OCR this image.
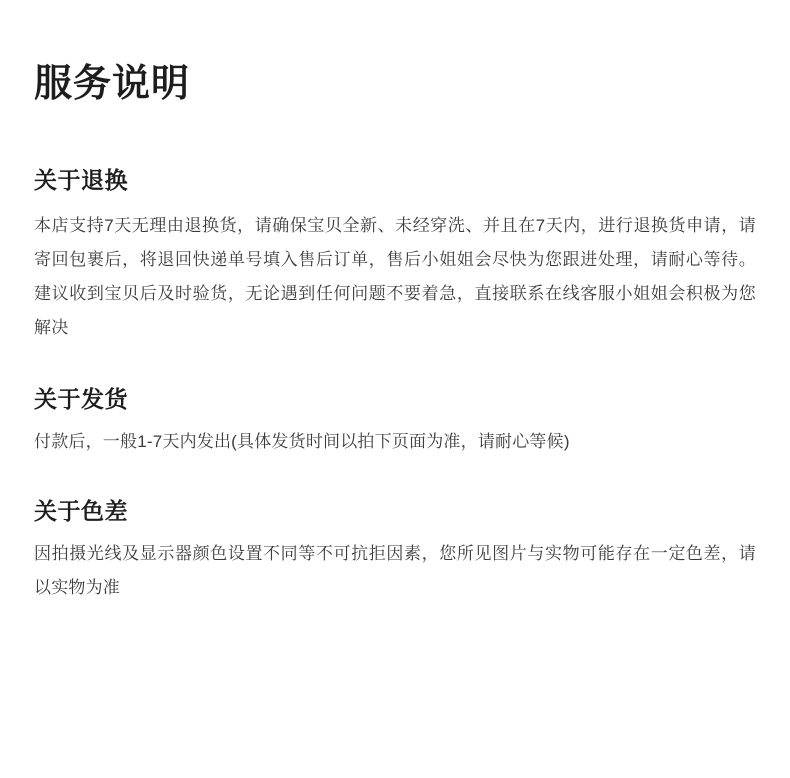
服务说明
关于退换

本店支持7天无理由退换货，请确保宝贝全新、未经穿洗、并且在7天内，进行退换货申请，请寄回包裹后，将退回快递单号填入售后订单，售后小姐姐会尽快为您跟进处理，请耐心等待。建议收到宝贝后及时验货，无论遇到任何问题不要着急，直接联系在线客服小姐姐会积极为您解决

关于发货

付款后，一般1-7天内发出(具体发货时间以拍下页面为准，请耐心等候)

关于色差

因拍摄光线及显示器颜色设置不同等不可抗拒因素，您所见图片与实物可能存在一定色差，请以实物为准
